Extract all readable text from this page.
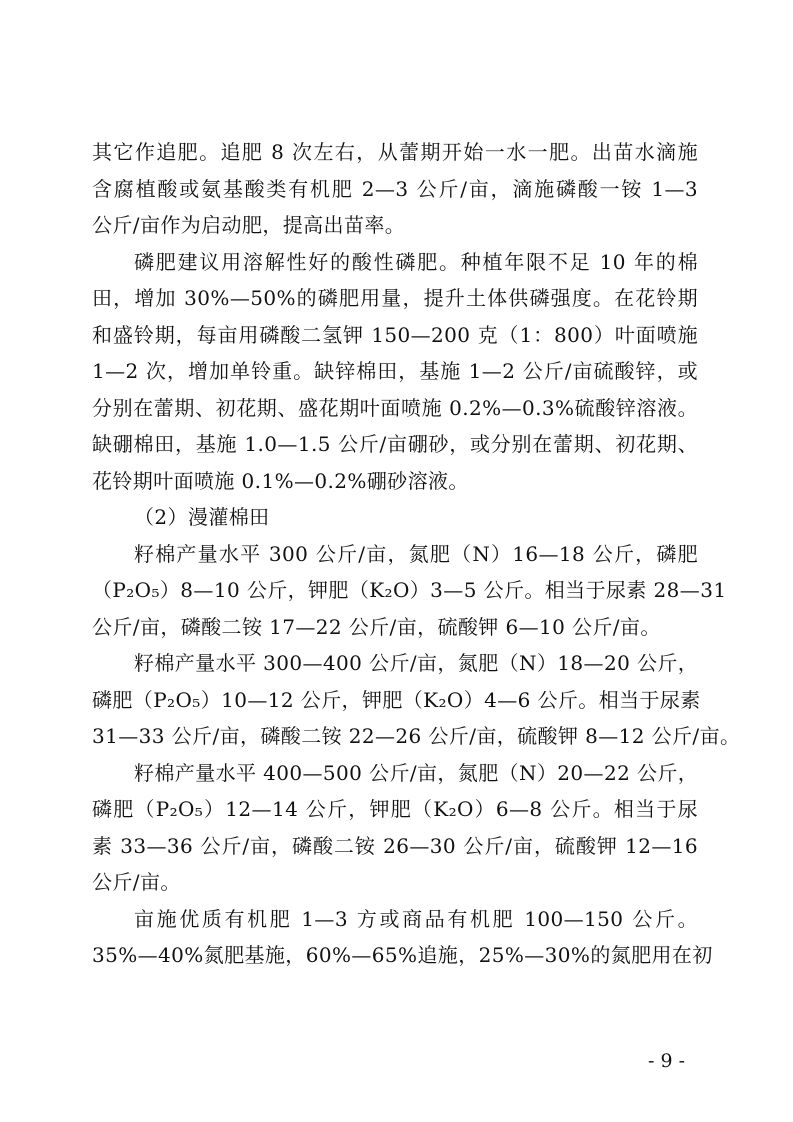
其它作追肥。追肥 8 次左右，从蕾期开始一水一肥。出苗水滴施
含腐植酸或氨基酸类有机肥 2—3 公斤/亩，滴施磷酸一铵 1—3
公斤/亩作为启动肥，提高出苗率。
磷肥建议用溶解性好的酸性磷肥。种植年限不足 10 年的棉
田，增加 30%—50%的磷肥用量，提升土体供磷强度。在花铃期
和盛铃期，每亩用磷酸二氢钾 150—200 克（1：800）叶面喷施
1—2 次，增加单铃重。缺锌棉田，基施 1—2 公斤/亩硫酸锌，或
分别在蕾期、初花期、盛花期叶面喷施 0.2%—0.3%硫酸锌溶液。
缺硼棉田，基施 1.0—1.5 公斤/亩硼砂，或分别在蕾期、初花期、
花铃期叶面喷施 0.1%—0.2%硼砂溶液。
（2）漫灌棉田
籽棉产量水平 300 公斤/亩，氮肥（N）16—18 公斤，磷肥
（P₂O₅）8—10 公斤，钾肥（K₂O）3—5 公斤。相当于尿素 28—31
公斤/亩，磷酸二铵 17—22 公斤/亩，硫酸钾 6—10 公斤/亩。
籽棉产量水平 300—400 公斤/亩，氮肥（N）18—20 公斤，
磷肥（P₂O₅）10—12 公斤，钾肥（K₂O）4—6 公斤。相当于尿素
31—33 公斤/亩，磷酸二铵 22—26 公斤/亩，硫酸钾 8—12 公斤/亩。
籽棉产量水平 400—500 公斤/亩，氮肥（N）20—22 公斤，
磷肥（P₂O₅）12—14 公斤，钾肥（K₂O）6—8 公斤。相当于尿
素 33—36 公斤/亩，磷酸二铵 26—30 公斤/亩，硫酸钾 12—16
公斤/亩。
亩施优质有机肥 1—3 方或商品有机肥 100—150 公斤。
35%—40%氮肥基施，60%—65%追施，25%—30%的氮肥用在初
- 9 -
